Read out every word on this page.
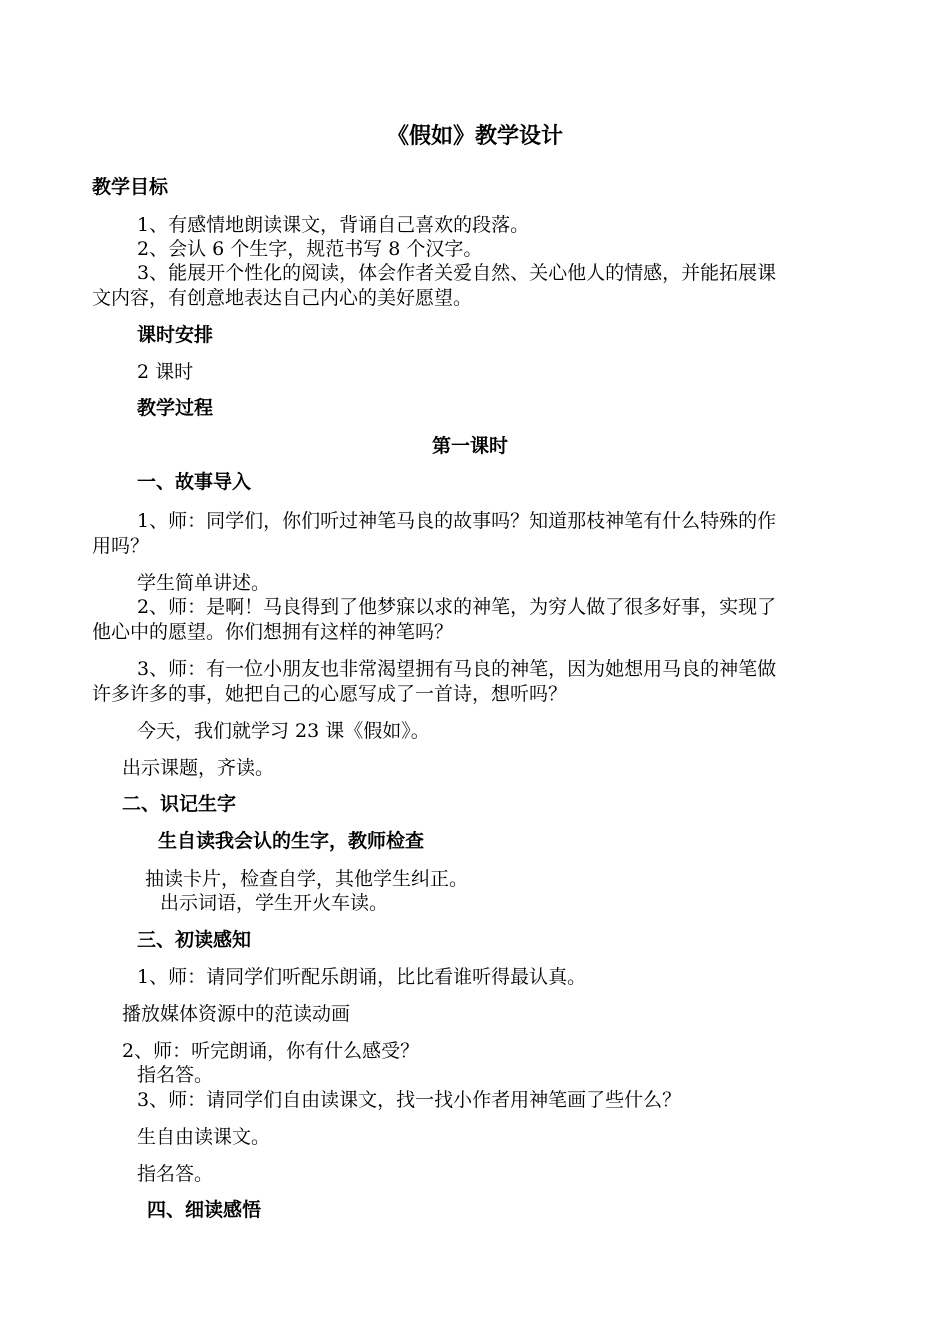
《假如》教学设计
教学目标
1、有感情地朗读课文，背诵自己喜欢的段落。
2、会认 6 个生字，规范书写 8 个汉字。
3、能展开个性化的阅读，体会作者关爱自然、关心他人的情感，并能拓展课
文内容，有创意地表达自己内心的美好愿望。
课时安排
2 课时
教学过程
第一课时
一、故事导入
1、师：同学们，你们听过神笔马良的故事吗？知道那枝神笔有什么特殊的作
用吗？
学生简单讲述。
2、师：是啊！马良得到了他梦寐以求的神笔，为穷人做了很多好事，实现了
他心中的愿望。你们想拥有这样的神笔吗？
3、师：有一位小朋友也非常渴望拥有马良的神笔，因为她想用马良的神笔做
许多许多的事，她把自己的心愿写成了一首诗，想听吗？
今天，我们就学习 23 课《假如》。
出示课题，齐读。
二、识记生字
生自读我会认的生字，教师检查
抽读卡片，检查自学，其他学生纠正。
出示词语，学生开火车读。
三、初读感知
1、师：请同学们听配乐朗诵，比比看谁听得最认真。
播放媒体资源中的范读动画
2、师：听完朗诵，你有什么感受？
指名答。
3、师：请同学们自由读课文，找一找小作者用神笔画了些什么？
生自由读课文。
指名答。
四、细读感悟
